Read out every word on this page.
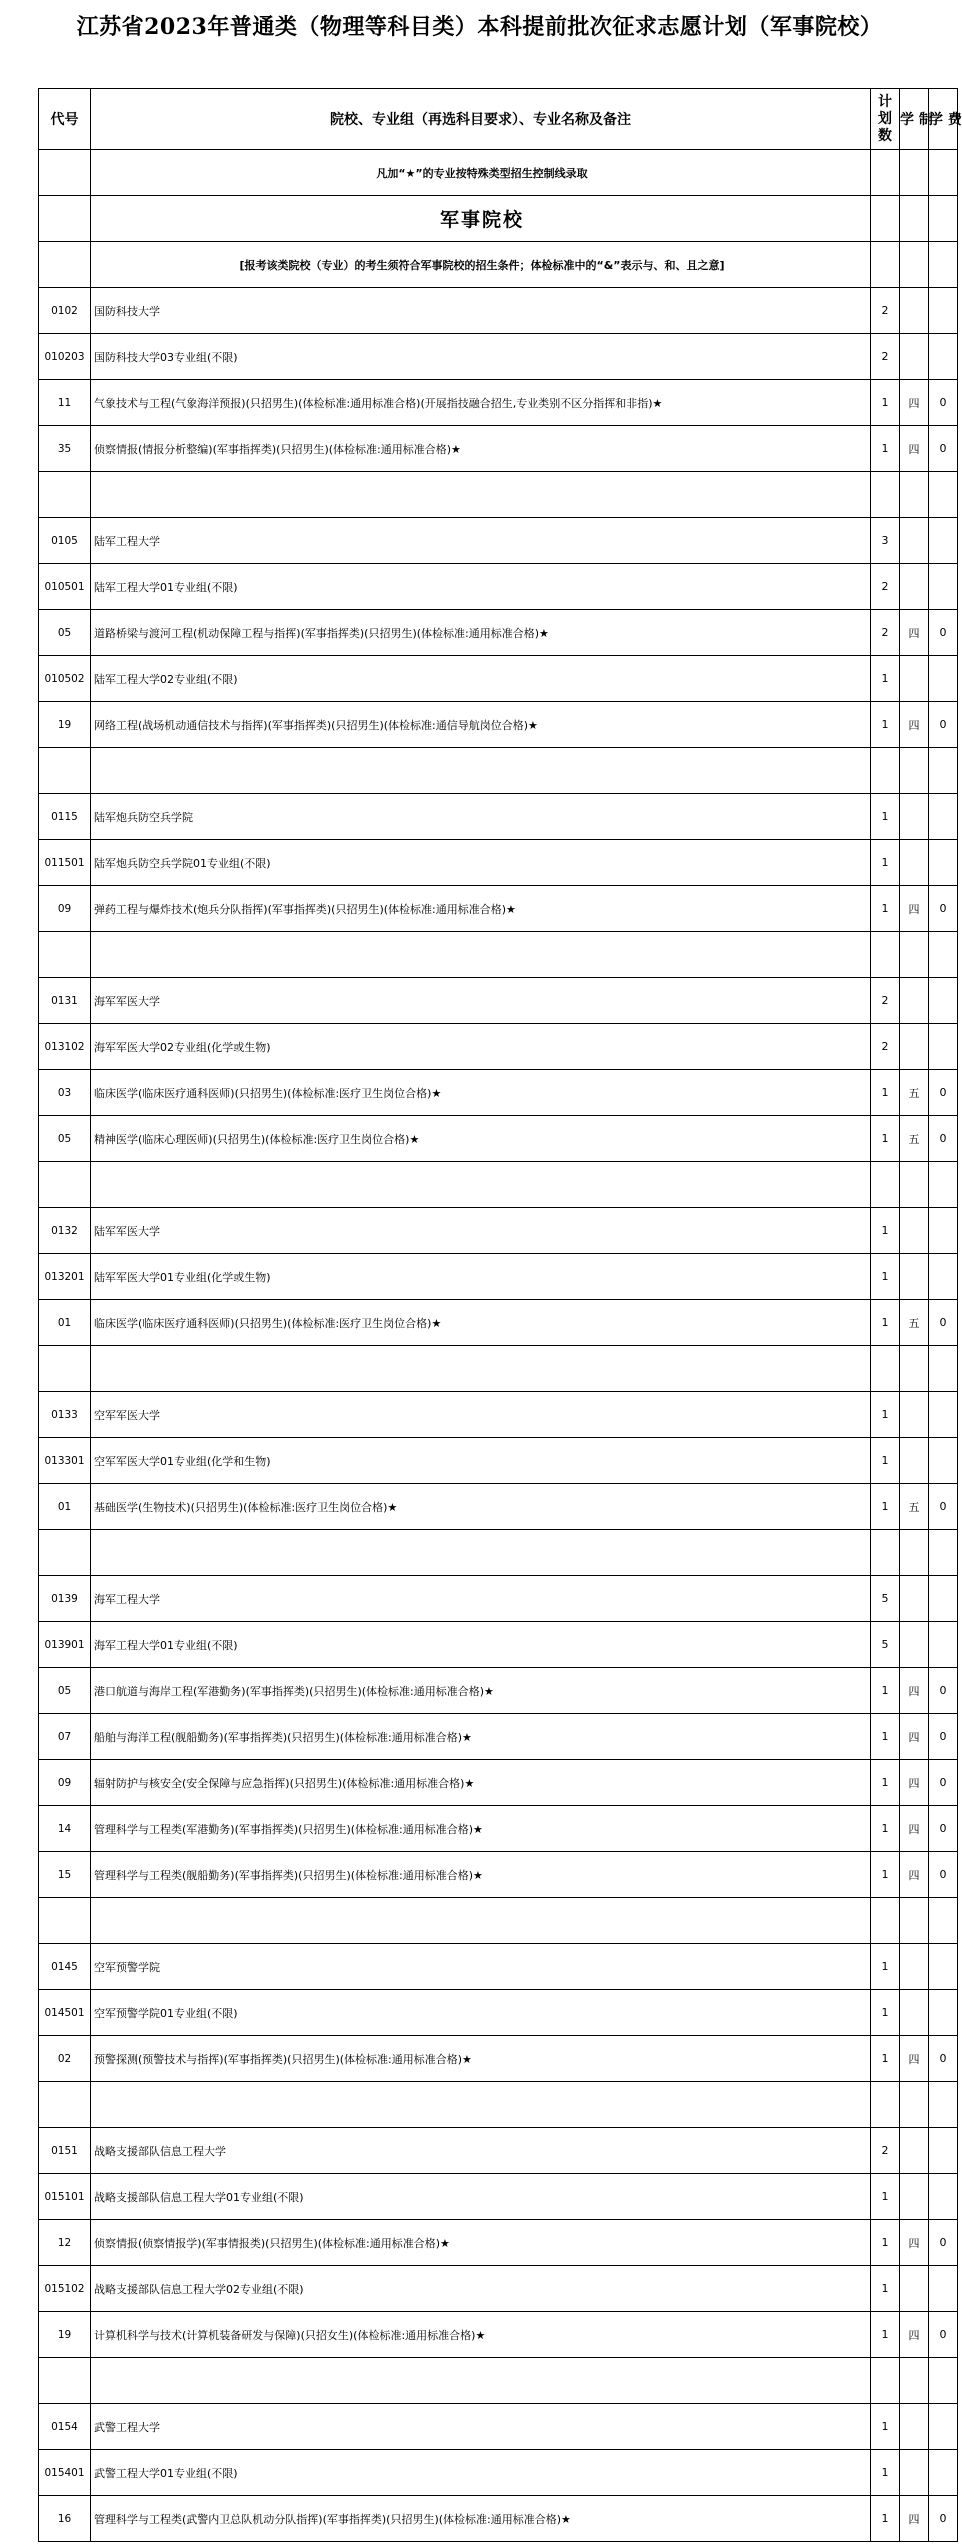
江苏省2023年普通类（物理等科目类）本科提前批次征求志愿计划（军事院校）
代号	院校、专业组（再选科目要求）、专业名称及备注	计
划
数	学 制	学 费
	凡加“★”的专业按特殊类型招生控制线录取			
	军事院校			
	[报考该类院校（专业）的考生须符合军事院校的招生条件；体检标准中的“&”表示与、和、且之意]			
0102	国防科技大学	2		
010203	国防科技大学03专业组(不限)	2		
11	气象技术与工程(气象海洋预报)(只招男生)(体检标准:通用标准合格)(开展指技融合招生,专业类别不区分指挥和非指)★	1	四	0
35	侦察情报(情报分析整编)(军事指挥类)(只招男生)(体检标准:通用标准合格)★	1	四	0

0105	陆军工程大学	3		
010501	陆军工程大学01专业组(不限)	2		
05	道路桥梁与渡河工程(机动保障工程与指挥)(军事指挥类)(只招男生)(体检标准:通用标准合格)★	2	四	0
010502	陆军工程大学02专业组(不限)	1		
19	网络工程(战场机动通信技术与指挥)(军事指挥类)(只招男生)(体检标准:通信导航岗位合格)★	1	四	0

0115	陆军炮兵防空兵学院	1		
011501	陆军炮兵防空兵学院01专业组(不限)	1		
09	弹药工程与爆炸技术(炮兵分队指挥)(军事指挥类)(只招男生)(体检标准:通用标准合格)★	1	四	0

0131	海军军医大学	2		
013102	海军军医大学02专业组(化学或生物)	2		
03	临床医学(临床医疗通科医师)(只招男生)(体检标准:医疗卫生岗位合格)★	1	五	0
05	精神医学(临床心理医师)(只招男生)(体检标准:医疗卫生岗位合格)★	1	五	0

0132	陆军军医大学	1		
013201	陆军军医大学01专业组(化学或生物)	1		
01	临床医学(临床医疗通科医师)(只招男生)(体检标准:医疗卫生岗位合格)★	1	五	0

0133	空军军医大学	1		
013301	空军军医大学01专业组(化学和生物)	1		
01	基础医学(生物技术)(只招男生)(体检标准:医疗卫生岗位合格)★	1	五	0

0139	海军工程大学	5		
013901	海军工程大学01专业组(不限)	5		
05	港口航道与海岸工程(军港勤务)(军事指挥类)(只招男生)(体检标准:通用标准合格)★	1	四	0
07	船舶与海洋工程(舰船勤务)(军事指挥类)(只招男生)(体检标准:通用标准合格)★	1	四	0
09	辐射防护与核安全(安全保障与应急指挥)(只招男生)(体检标准:通用标准合格)★	1	四	0
14	管理科学与工程类(军港勤务)(军事指挥类)(只招男生)(体检标准:通用标准合格)★	1	四	0
15	管理科学与工程类(舰船勤务)(军事指挥类)(只招男生)(体检标准:通用标准合格)★	1	四	0

0145	空军预警学院	1		
014501	空军预警学院01专业组(不限)	1		
02	预警探测(预警技术与指挥)(军事指挥类)(只招男生)(体检标准:通用标准合格)★	1	四	0

0151	战略支援部队信息工程大学	2		
015101	战略支援部队信息工程大学01专业组(不限)	1		
12	侦察情报(侦察情报学)(军事情报类)(只招男生)(体检标准:通用标准合格)★	1	四	0
015102	战略支援部队信息工程大学02专业组(不限)	1		
19	计算机科学与技术(计算机装备研发与保障)(只招女生)(体检标准:通用标准合格)★	1	四	0

0154	武警工程大学	1		
015401	武警工程大学01专业组(不限)	1		
16	管理科学与工程类(武警内卫总队机动分队指挥)(军事指挥类)(只招男生)(体检标准:通用标准合格)★	1	四	0
